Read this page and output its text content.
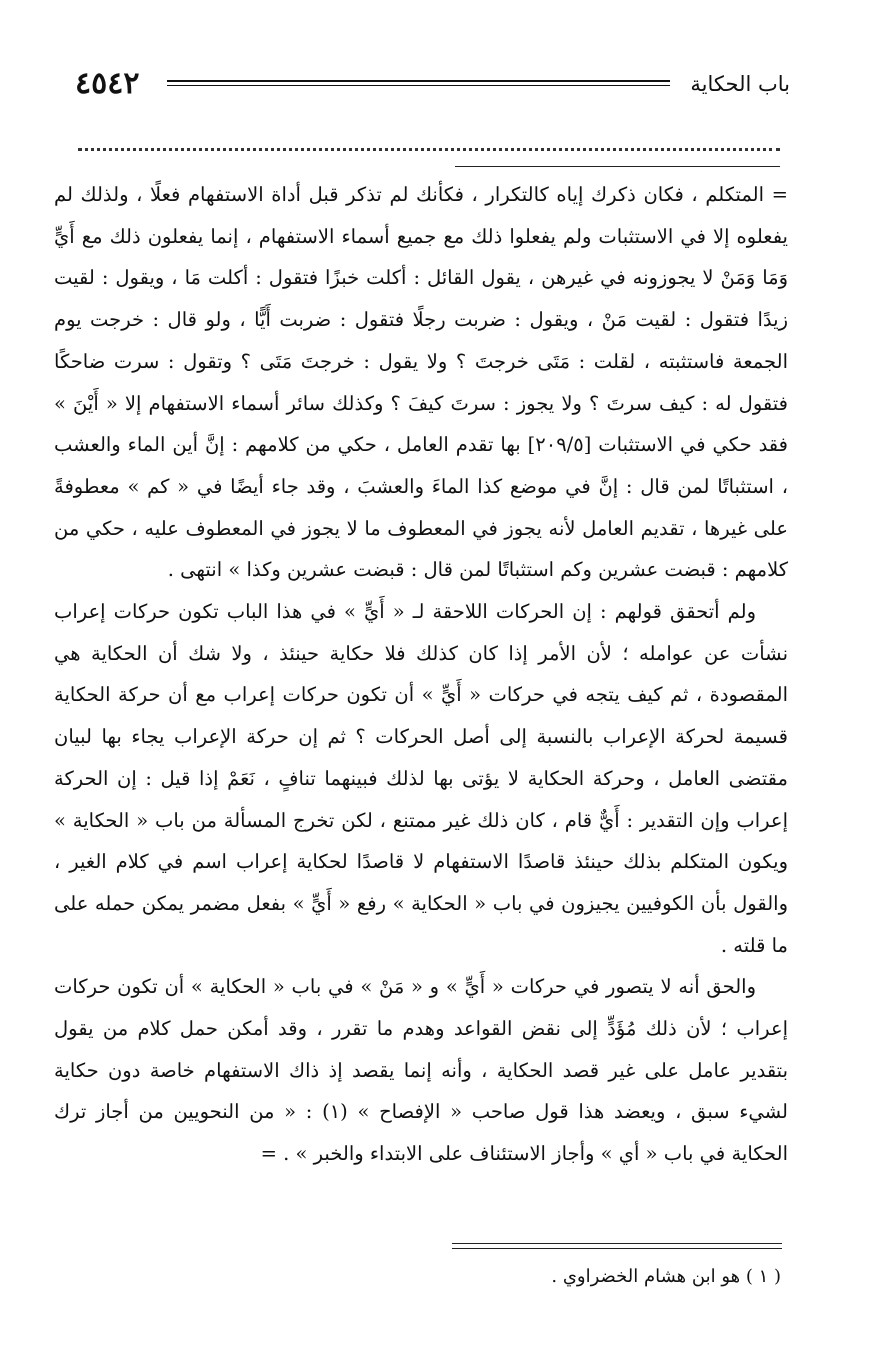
٤٥٤٢	باب الحكاية

= المتكلم ، فكان ذكرك إياه كالتكرار ، فكأنك لم تذكر قبل أداة الاستفهام فعلًا ، ولذلك لم يفعلوه إلا في الاستثبات ولم يفعلوا ذلك مع جميع أسماء الاستفهام ، إنما يفعلون ذلك مع أَيٍّ وَمَا وَمَنْ لا يجوزونه في غيرهن ، يقول القائل : أكلت خبزًا فتقول : أكلت مَا ، ويقول : لقيت زيدًا فتقول : لقيت مَنْ ، ويقول : ضربت رجلًا فتقول : ضربت أَيًّا ، ولو قال : خرجت يوم الجمعة فاستثبته ، لقلت : مَتَى خرجتَ ؟ ولا يقول : خرجتَ مَتَى ؟ وتقول : سرت ضاحكًا فتقول له : كيف سرتَ ؟ ولا يجوز : سرتَ كيفَ ؟ وكذلك سائر أسماء الاستفهام إلا « أَيْنَ » فقد حكي في الاستثبات [٢٠٩/٥] بها تقدم العامل ، حكي من كلامهم : إنَّ أين الماء والعشب ، استثباتًا لمن قال : إنَّ في موضع كذا الماءَ والعشبَ ، وقد جاء أيضًا في « كم » معطوفةً على غيرها ، تقديم العامل لأنه يجوز في المعطوف ما لا يجوز في المعطوف عليه ، حكي من كلامهم : قبضت عشرين وكم استثباتًا لمن قال : قبضت عشرين وكذا » انتهى .

ولم أتحقق قولهم : إن الحركات اللاحقة لـ « أَيٍّ » في هذا الباب تكون حركات إعراب نشأت عن عوامله ؛ لأن الأمر إذا كان كذلك فلا حكاية حينئذ ، ولا شك أن الحكاية هي المقصودة ، ثم كيف يتجه في حركات « أَيٍّ » أن تكون حركات إعراب مع أن حركة الحكاية قسيمة لحركة الإعراب بالنسبة إلى أصل الحركات ؟ ثم إن حركة الإعراب يجاء بها لبيان مقتضى العامل ، وحركة الحكاية لا يؤتى بها لذلك فبينهما تنافٍ ، نَعَمْ إذا قيل : إن الحركة إعراب وإن التقدير : أَيٌّ قام ، كان ذلك غير ممتنع ، لكن تخرج المسألة من باب « الحكاية » ويكون المتكلم بذلك حينئذ قاصدًا الاستفهام لا قاصدًا لحكاية إعراب اسم في كلام الغير ، والقول بأن الكوفيين يجيزون في باب « الحكاية » رفع « أَيٍّ » بفعل مضمر يمكن حمله على ما قلته .

والحق أنه لا يتصور في حركات « أَيٍّ » و « مَنْ » في باب « الحكاية » أن تكون حركات إعراب ؛ لأن ذلك مُؤَدٍّ إلى نقض القواعد وهدم ما تقرر ، وقد أمكن حمل كلام من يقول بتقدير عامل على غير قصد الحكاية ، وأنه إنما يقصد إذ ذاك الاستفهام خاصة دون حكاية لشيء سبق ، ويعضد هذا قول صاحب « الإفصاح » (١) : « من النحويين من أجاز ترك الحكاية في باب « أي » وأجاز الاستئناف على الابتداء والخبر » . =

( ١ ) هو ابن هشام الخضراوي .
